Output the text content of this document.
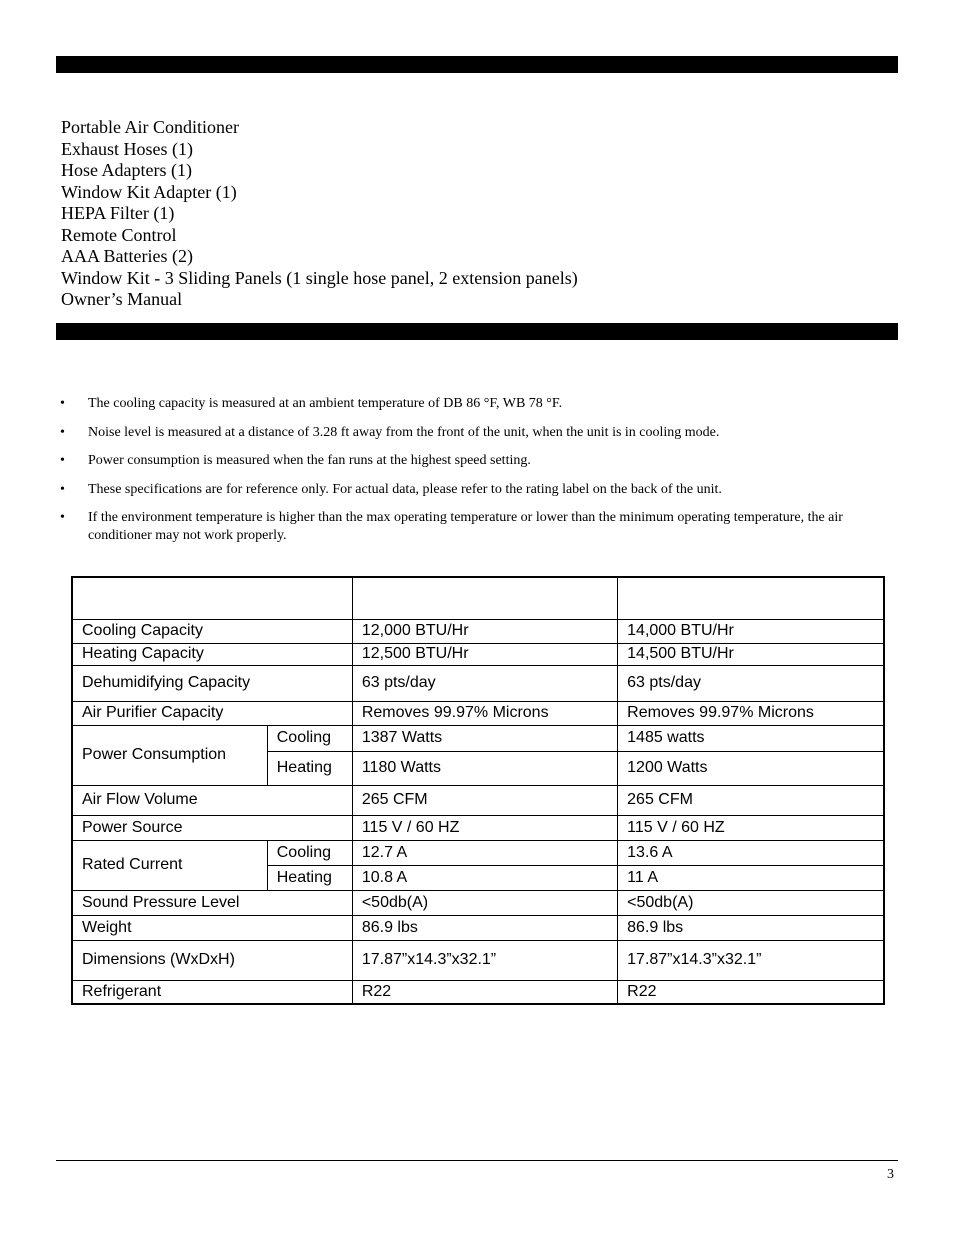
Portable Air Conditioner
Exhaust Hoses (1)
Hose Adapters (1)
Window Kit Adapter (1)
HEPA Filter (1)
Remote Control
AAA Batteries (2)
Window Kit - 3 Sliding Panels (1 single hose panel, 2 extension panels)
Owner’s Manual
• The cooling capacity is measured at an ambient temperature of DB 86 °F, WB 78 °F.
• Noise level is measured at a distance of 3.28 ft away from the front of the unit, when the unit is in cooling mode.
• Power consumption is measured when the fan runs at the highest speed setting.
• These specifications are for reference only. For actual data, please refer to the rating label on the back of the unit.
• If the environment temperature is higher than the max operating temperature or lower than the minimum operating temperature, the air conditioner may not work properly.

Cooling Capacity		12,000 BTU/Hr	14,000 BTU/Hr
Heating Capacity		12,500 BTU/Hr	14,500 BTU/Hr
Dehumidifying Capacity		63 pts/day	63 pts/day
Air Purifier Capacity		Removes 99.97% Microns	Removes 99.97% Microns
Power Consumption	Cooling	1387 Watts	1485 watts
	Heating	1180 Watts	1200 Watts
Air Flow Volume		265 CFM	265 CFM
Power Source		115 V / 60 HZ	115 V / 60 HZ
Rated Current	Cooling	12.7 A	13.6 A
	Heating	10.8 A	11 A
Sound Pressure Level		<50db(A)	<50db(A)
Weight		86.9 lbs	86.9 lbs
Dimensions (WxDxH)		17.87”x14.3”x32.1”	17.87”x14.3”x32.1”
Refrigerant		R22	R22
3
